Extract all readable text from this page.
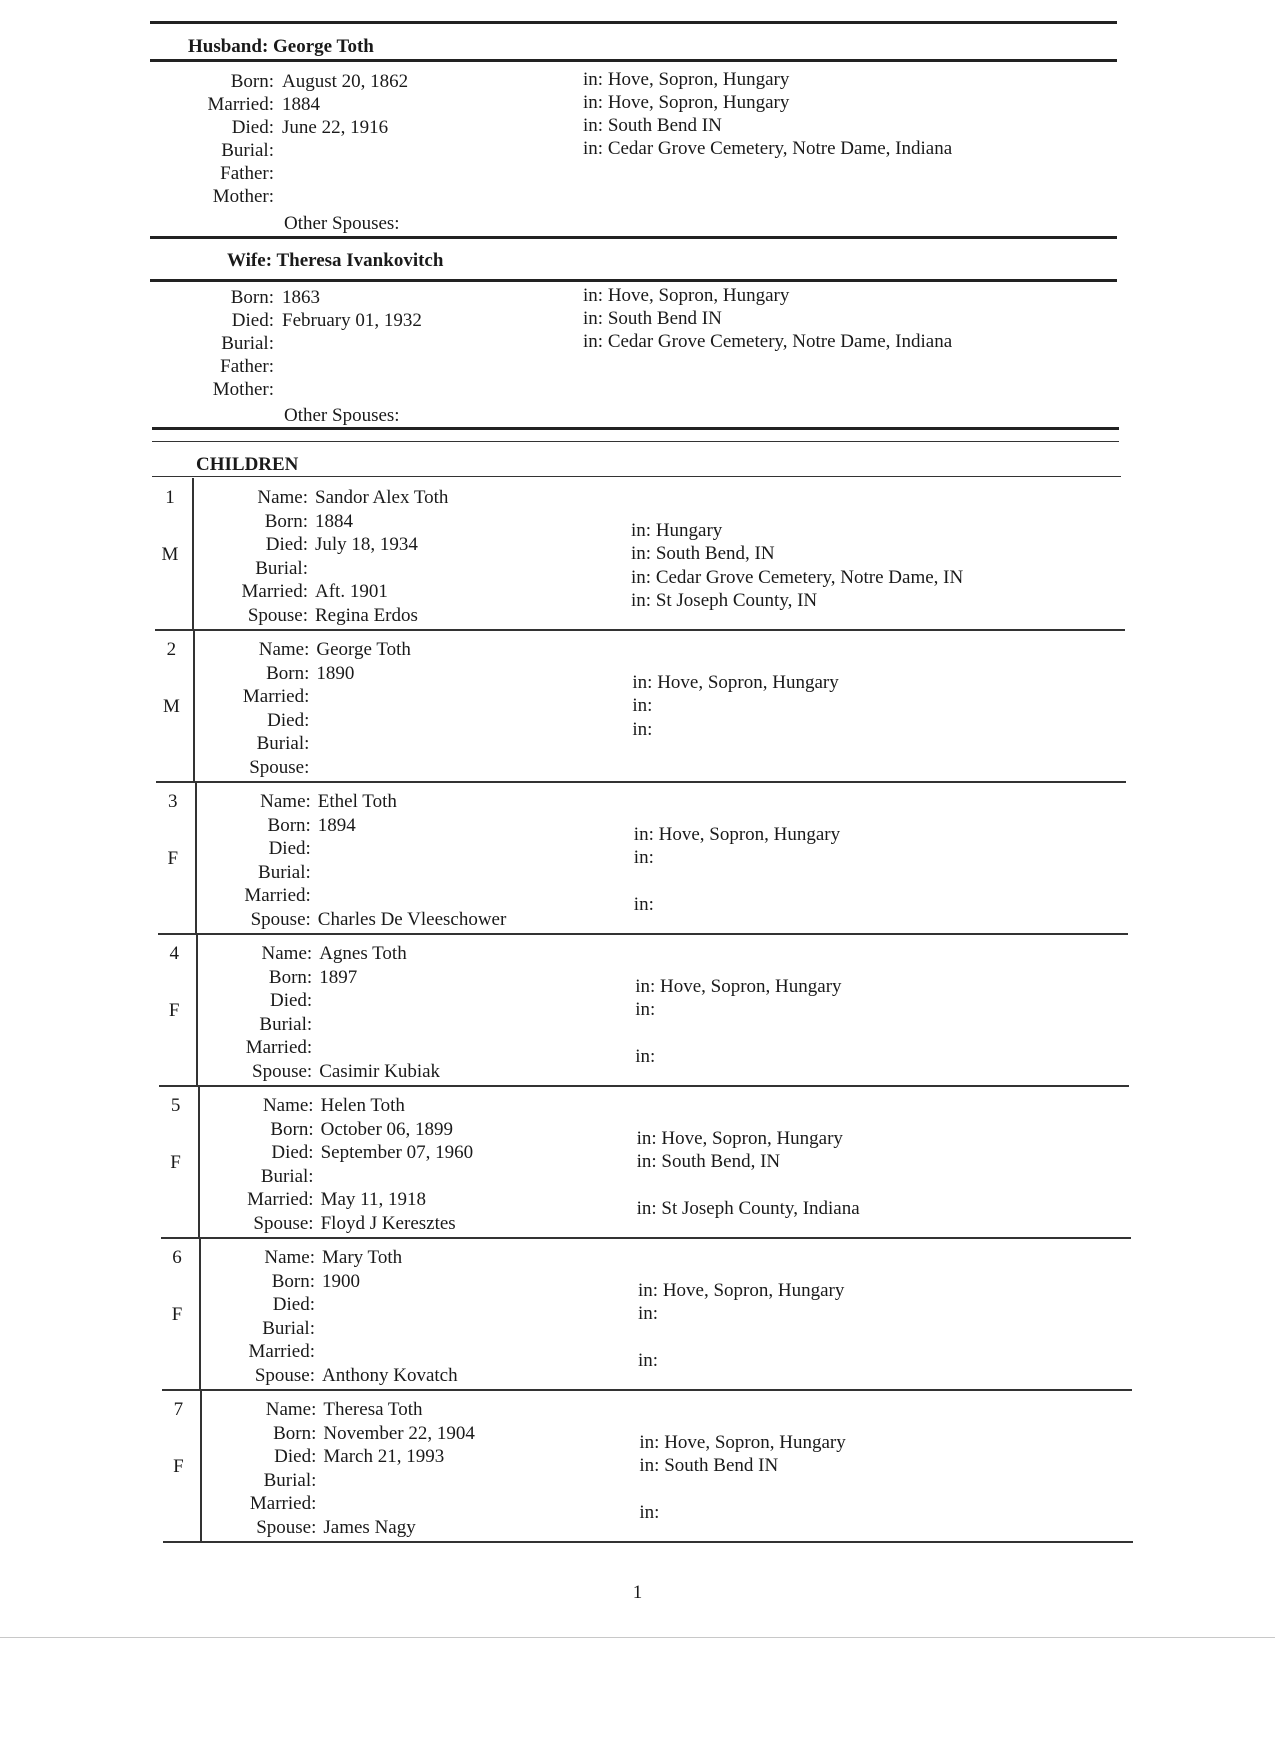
Husband: George Toth
Born: August 20, 1862	in: Hove, Sopron, Hungary
Married: 1884	in: Hove, Sopron, Hungary
Died: June 22, 1916	in: South Bend IN
Burial:	in: Cedar Grove Cemetery, Notre Dame, Indiana
Father:
Mother:
Other Spouses:
Wife: Theresa Ivankovitch
Born: 1863	in: Hove, Sopron, Hungary
Died: February 01, 1932	in: South Bend IN
Burial:	in: Cedar Grove Cemetery, Notre Dame, Indiana
Father:
Mother:
Other Spouses:
CHILDREN
1
M
Name: Sandor Alex Toth
Born: 1884	in: Hungary
Died: July 18, 1934	in: South Bend, IN
Burial:	in: Cedar Grove Cemetery, Notre Dame, IN
Married: Aft. 1901	in: St Joseph County, IN
Spouse: Regina Erdos
2
M
Name: George Toth
Born: 1890	in: Hove, Sopron, Hungary
Married:	in:
Died:	in:
Burial:
Spouse:
3
F
Name: Ethel Toth
Born: 1894	in: Hove, Sopron, Hungary
Died:	in:
Burial:
Married:	in:
Spouse: Charles De Vleeschower
4
F
Name: Agnes Toth
Born: 1897	in: Hove, Sopron, Hungary
Died:	in:
Burial:
Married:	in:
Spouse: Casimir Kubiak
5
F
Name: Helen Toth
Born: October 06, 1899	in: Hove, Sopron, Hungary
Died: September 07, 1960	in: South Bend, IN
Burial:
Married: May 11, 1918	in: St Joseph County, Indiana
Spouse: Floyd J Keresztes
6
F
Name: Mary Toth
Born: 1900	in: Hove, Sopron, Hungary
Died:	in:
Burial:
Married:	in:
Spouse: Anthony Kovatch
7
F
Name: Theresa Toth
Born: November 22, 1904	in: Hove, Sopron, Hungary
Died: March 21, 1993	in: South Bend IN
Burial:
Married:	in:
Spouse: James Nagy
1
